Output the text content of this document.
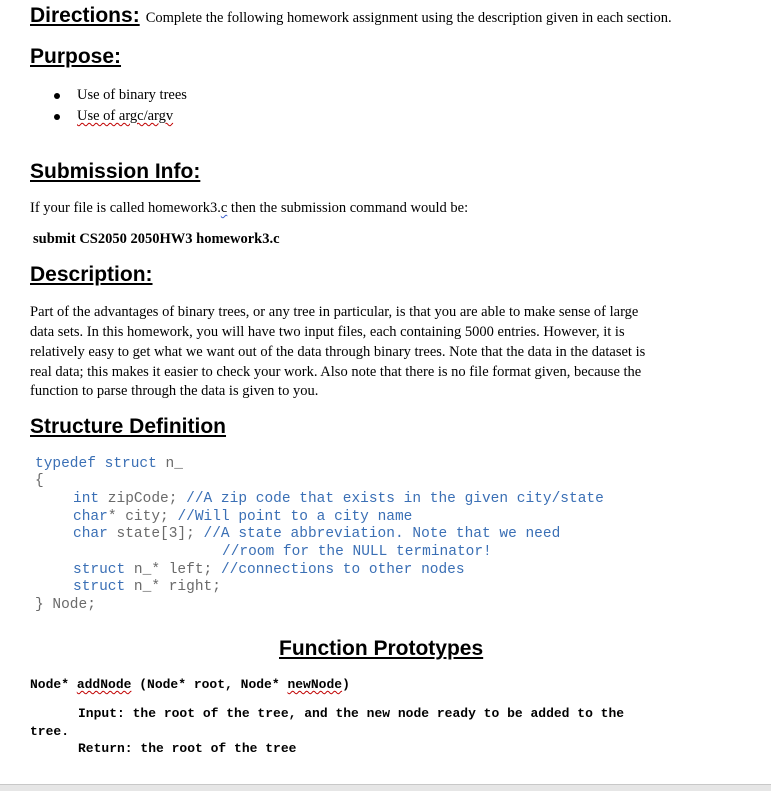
Directions: Complete the following homework assignment using the description given in each section.
Purpose:
Use of binary trees
Use of argc/argv
Submission Info:
If your file is called homework3.c then the submission command would be:
submit CS2050 2050HW3 homework3.c
Description:
Part of the advantages of binary trees, or any tree in particular, is that you are able to make sense of large
data sets. In this homework, you will have two input files, each containing 5000 entries. However, it is
relatively easy to get what we want out of the data through binary trees. Note that the data in the dataset is
real data; this makes it easier to check your work. Also note that there is no file format given, because the
function to parse through the data is given to you.
Structure Definition
typedef struct n_
{
int zipCode; //A zip code that exists in the given city/state
char* city; //Will point to a city name
char state[3]; //A state abbreviation. Note that we need
//room for the NULL terminator!
struct n_* left; //connections to other nodes
struct n_* right;
} Node;
Function Prototypes
Node* addNode (Node* root, Node* newNode)
Input: the root of the tree, and the new node ready to be added to the
tree.
Return: the root of the tree
